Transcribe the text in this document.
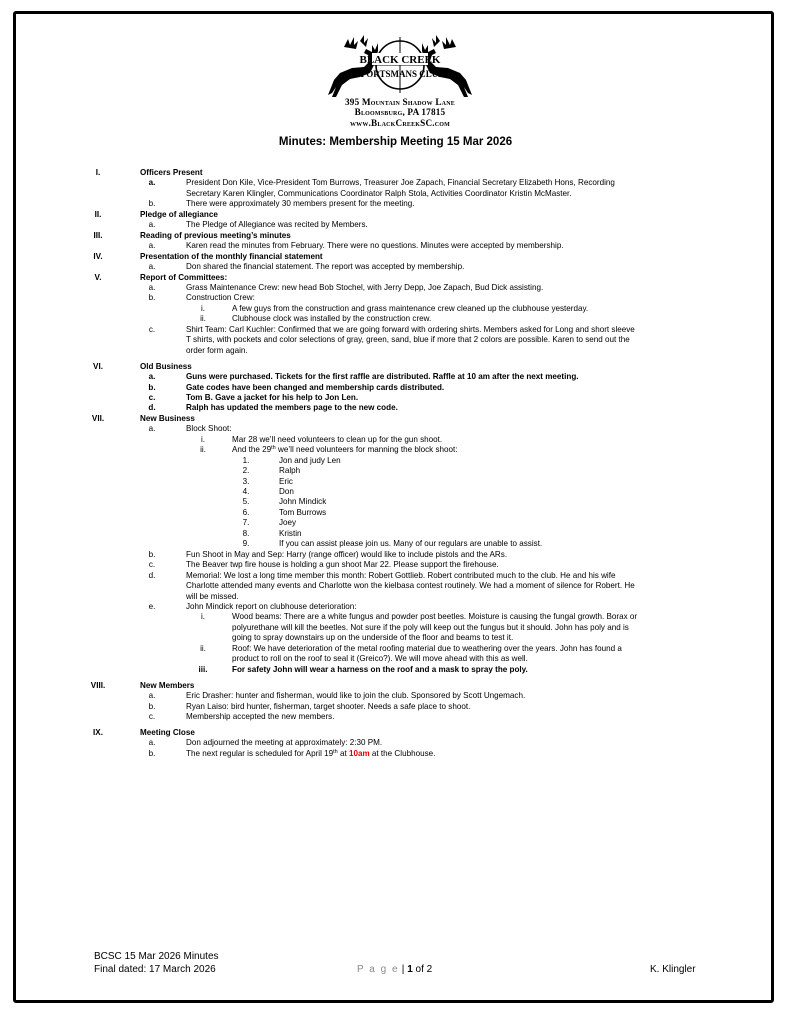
BLACK CREEK
SPORTSMANS CLUB
395 Mountain Shadow Lane
Bloomsburg, PA 17815
www.BlackCreekSC.com
Minutes: Membership Meeting 15 Mar 2026
I.	Officers Present
a.	President Don Kile, Vice-President Tom Burrows, Treasurer Joe Zapach, Financial Secretary Elizabeth Hons, Recording
Secretary Karen Klingler, Communications Coordinator Ralph Stola, Activities Coordinator Kristin McMaster.
b.	There were approximately 30 members present for the meeting.
II.	Pledge of allegiance
a.	The Pledge of Allegiance was recited by Members.
III.	Reading of previous meeting’s minutes
a.	Karen read the minutes from February. There were no questions. Minutes were accepted by membership.
IV.	Presentation of the monthly financial statement
a.	Don shared the financial statement. The report was accepted by membership.
V.	Report of Committees:
a.	Grass Maintenance Crew: new head Bob Stochel, with Jerry Depp, Joe Zapach, Bud Dick assisting.
b.	Construction Crew:
i.	A few guys from the construction and grass maintenance crew cleaned up the clubhouse yesterday.
ii.	Clubhouse clock was installed by the construction crew.
c.	Shirt Team: Carl Kuchler: Confirmed that we are going forward with ordering shirts. Members asked for Long and short sleeve
T shirts, with pockets and color selections of gray, green, sand, blue if more that 2 colors are possible. Karen to send out the
order form again.
VI.	Old Business
a.	Guns were purchased. Tickets for the first raffle are distributed. Raffle at 10 am after the next meeting.
b.	Gate codes have been changed and membership cards distributed.
c.	Tom B. Gave a jacket for his help to Jon Len.
d.	Ralph has updated the members page to the new code.
VII.	New Business
a.	Block Shoot:
i.	Mar 28 we’ll need volunteers to clean up for the gun shoot.
ii.	And the 29th we’ll need volunteers for manning the block shoot:
1.	Jon and judy Len
2.	Ralph
3.	Eric
4.	Don
5.	John Mindick
6.	Tom Burrows
7.	Joey
8.	Kristin
9.	If you can assist please join us. Many of our regulars are unable to assist.
b.	Fun Shoot in May and Sep: Harry (range officer) would like to include pistols and the ARs.
c.	The Beaver twp fire house is holding a gun shoot Mar 22. Please support the firehouse.
d.	Memorial: We lost a long time member this month: Robert Gottlieb. Robert contributed much to the club. He and his wife
Charlotte attended many events and Charlotte won the kielbasa contest routinely. We had a moment of silence for Robert. He
will be missed.
e.	John Mindick report on clubhouse deterioration:
i.	Wood beams: There are a white fungus and powder post beetles. Moisture is causing the fungal growth. Borax or
polyurethane will kill the beetles. Not sure if the poly will keep out the fungus but it should. John has poly and is
going to spray downstairs up on the underside of the floor and beams to test it.
ii.	Roof: We have deterioration of the metal roofing material due to weathering over the years. John has found a
product to roll on the roof to seal it (Greico?). We will move ahead with this as well.
iii.	For safety John will wear a harness on the roof and a mask to spray the poly.
VIII.	New Members
a.	Eric Drasher: hunter and fisherman, would like to join the club. Sponsored by Scott Ungemach.
b.	Ryan Laiso: bird hunter, fisherman, target shooter. Needs a safe place to shoot.
c.	Membership accepted the new members.
IX.	Meeting Close
a.	Don adjourned the meeting at approximately: 2:30 PM.
b.	The next regular is scheduled for April 19th at 10am at the Clubhouse.
BCSC 15 Mar 2026 Minutes
Final dated: 17 March 2026	P a g e | 1 of 2	K. Klingler
